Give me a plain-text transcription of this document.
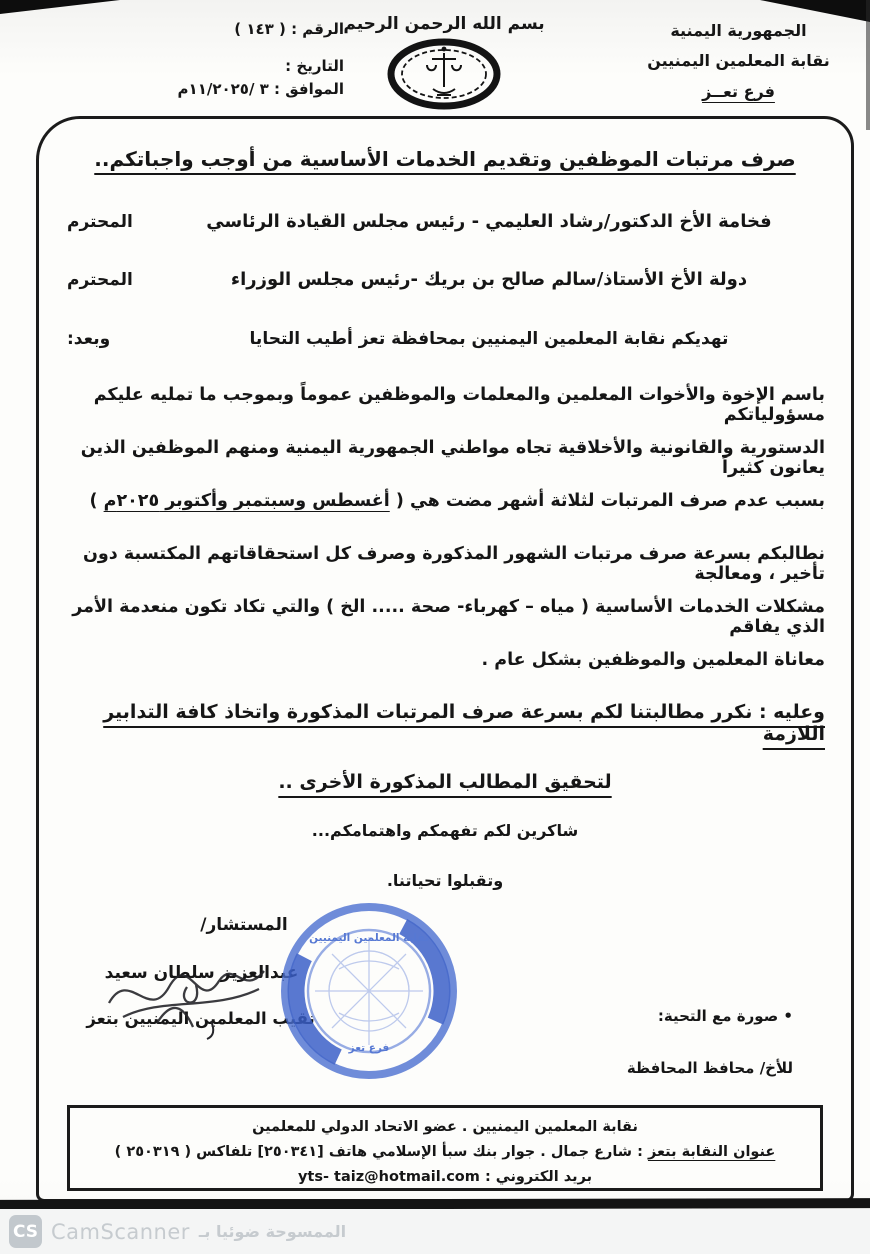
الجمهورية اليمنية
نقابة المعلمين اليمنيين
فرع تعــز
بسم الله الرحمن الرحيم
الرقم : ( ١٤٣ )
التاريخ :
الموافق : ٣ /١١/٢٠٢٥م
صرف مرتبات الموظفين وتقديم الخدمات الأساسية من أوجب واجباتكم..
فخامة الأخ الدكتور/رشاد العليمي - رئيس مجلس القيادة الرئاسي
المحترم
دولة الأخ الأستاذ/سالم صالح بن بريك -رئيس مجلس الوزراء
المحترم
تهديكم نقابة المعلمين اليمنيين بمحافظة تعز أطيب التحايا
وبعد:
باسم الإخوة والأخوات المعلمين والمعلمات والموظفين عموماً وبموجب ما تمليه عليكم مسؤولياتكم
الدستورية والقانونية والأخلاقية تجاه مواطني الجمهورية اليمنية ومنهم الموظفين الذين يعانون كثيراً
بسبب عدم صرف المرتبات لثلاثة أشهر مضت هي ( أغسطس وسبتمبر وأكتوبر ٢٠٢٥م )
نطالبكم بسرعة صرف مرتبات الشهور المذكورة وصرف كل استحقاقاتهم المكتسبة دون تأخير ، ومعالجة
مشكلات الخدمات الأساسية ( مياه – كهرباء- صحة ..... الخ ) والتي تكاد تكون منعدمة الأمر الذي يفاقم
معاناة المعلمين والموظفين بشكل عام .
وعليه : نكرر مطالبتنا لكم بسرعة صرف المرتبات المذكورة واتخاذ كافة التدابير اللازمة
لتحقيق المطالب المذكورة الأخرى ..
شاكرين لكم تفهمكم واهتمامكم...
وتقبلوا تحياتنا.
المستشار/
عبدالعزيز سلطان سعيد
نقيب المعلمين اليمنيين بتعز
نقابة المعلمين اليمنيين
فرع تعز
• صورة مع التحية:
للأخ/ محافظ المحافظة
نقابة المعلمين اليمنيين . عضو الاتحاد الدولي للمعلمين
عنوان النقابة بتعز : شارع جمال . جوار بنك سبأ الإسلامي هاتف [٢٥٠٣٤١] تلفاكس ( ٢٥٠٣١٩ )
بريد الكتروني : yts- taiz@hotmail.com
CS CamScanner الممسوحة ضوئيا بـ
